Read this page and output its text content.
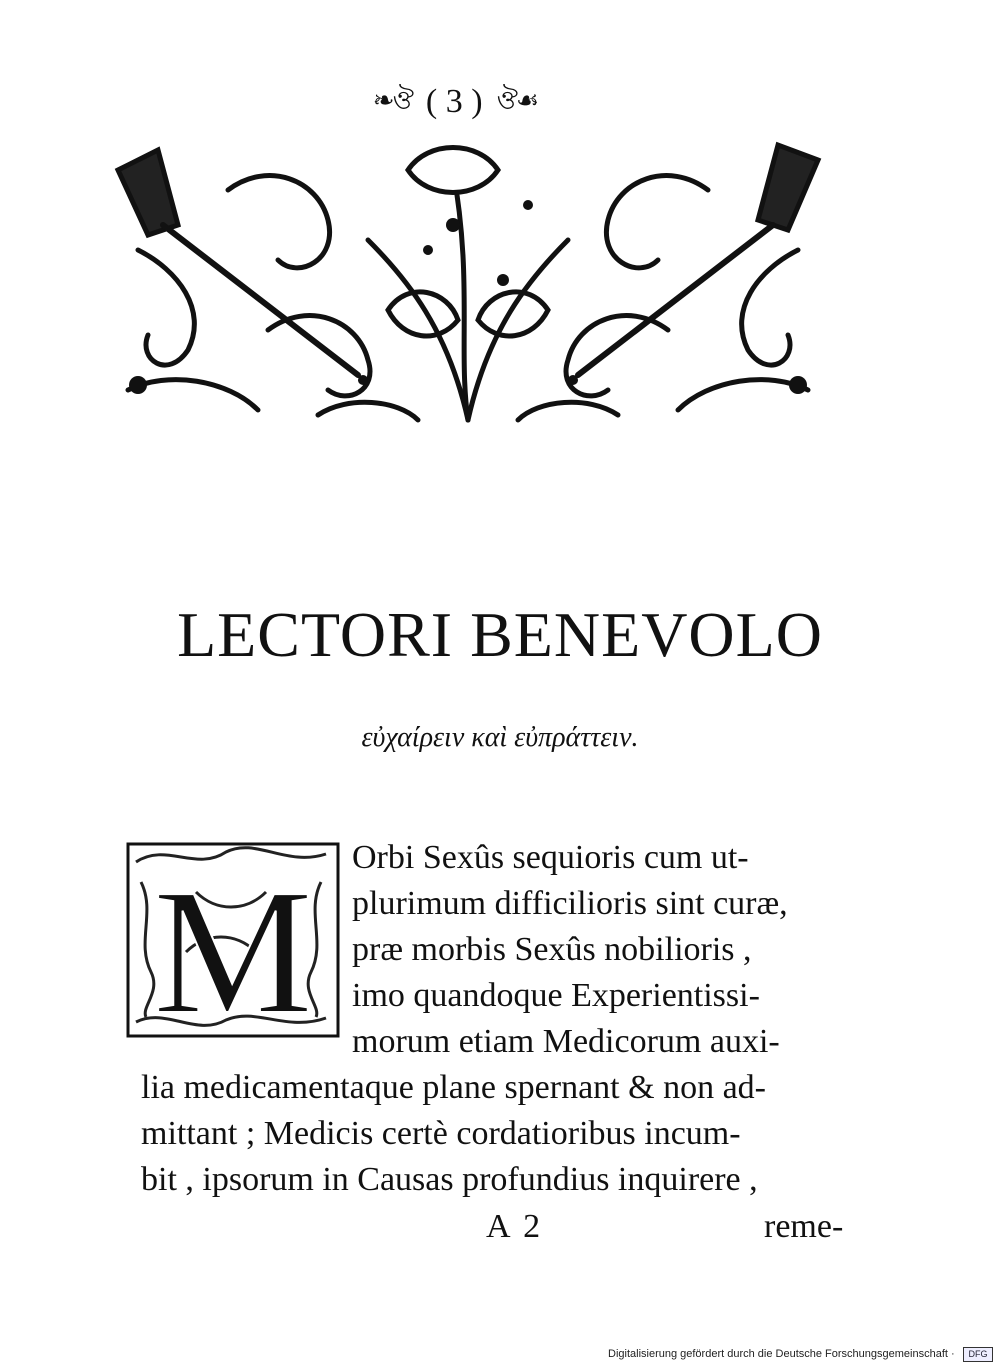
❧ঔ ( 3 ) ঔ☙
LECTORI BENEVOLO
εὐχαίρειν καὶ εὐπράττειν.
M Orbi Sexûs sequioris cum ut-
plurimum difficilioris sint curæ,
præ morbis Sexûs nobilioris ,
imo quandoque Experientissi-
morum etiam Medicorum auxi-
lia medicamentaque plane spernant & non ad-
mittant ; Medicis certè cordatioribus incum-
bit , ipsorum in Causas profundius inquirere ,
A 2	reme-
Digitalisierung gefördert durch die Deutsche Forschungsgemeinschaft ·	DFG
